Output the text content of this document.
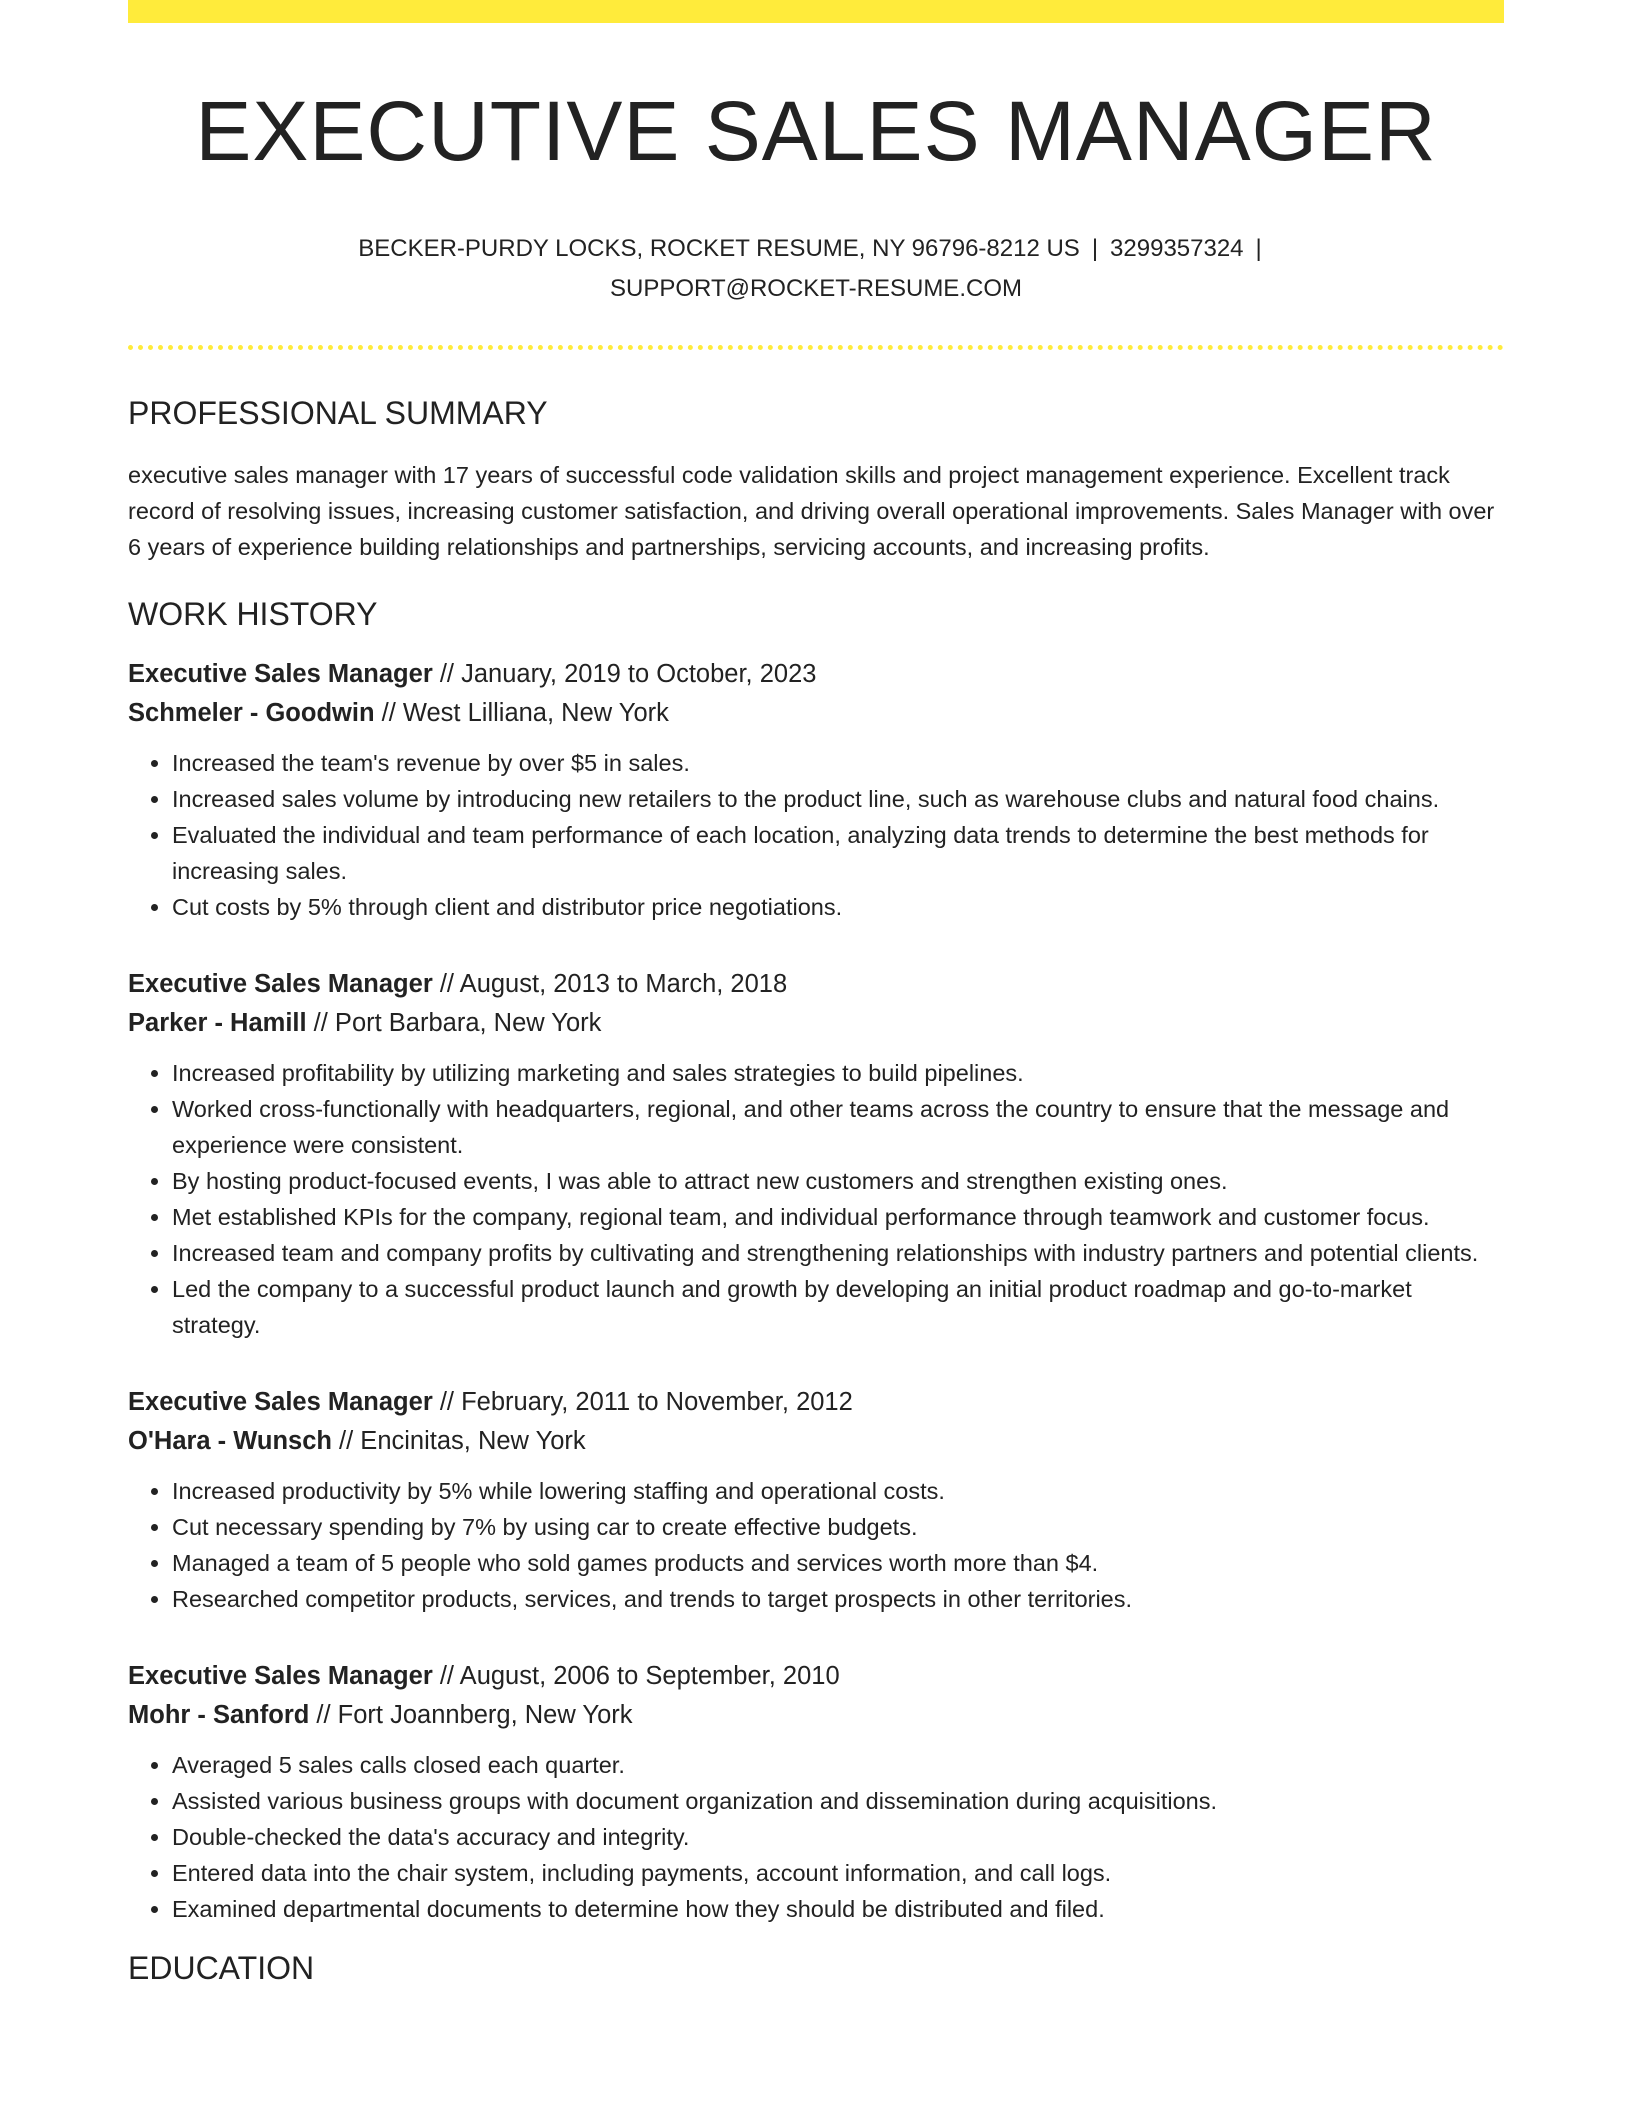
EXECUTIVE SALES MANAGER
BECKER-PURDY LOCKS, ROCKET RESUME, NY 96796-8212 US | 3299357324 |
SUPPORT@ROCKET-RESUME.COM
PROFESSIONAL SUMMARY

executive sales manager with 17 years of successful code validation skills and project management experience. Excellent track record of resolving issues, increasing customer satisfaction, and driving overall operational improvements. Sales Manager with over 6 years of experience building relationships and partnerships, servicing accounts, and increasing profits.

WORK HISTORY
Executive Sales Manager // January, 2019 to October, 2023
Schmeler - Goodwin // West Lilliana, New York
• Increased the team's revenue by over $5 in sales.
• Increased sales volume by introducing new retailers to the product line, such as warehouse clubs and natural food chains.
• Evaluated the individual and team performance of each location, analyzing data trends to determine the best methods for increasing sales.
• Cut costs by 5% through client and distributor price negotiations.
Executive Sales Manager // August, 2013 to March, 2018
Parker - Hamill // Port Barbara, New York
• Increased profitability by utilizing marketing and sales strategies to build pipelines.
• Worked cross-functionally with headquarters, regional, and other teams across the country to ensure that the message and experience were consistent.
• By hosting product-focused events, I was able to attract new customers and strengthen existing ones.
• Met established KPIs for the company, regional team, and individual performance through teamwork and customer focus.
• Increased team and company profits by cultivating and strengthening relationships with industry partners and potential clients.
• Led the company to a successful product launch and growth by developing an initial product roadmap and go-to-market strategy.
Executive Sales Manager // February, 2011 to November, 2012
O'Hara - Wunsch // Encinitas, New York
• Increased productivity by 5% while lowering staffing and operational costs.
• Cut necessary spending by 7% by using car to create effective budgets.
• Managed a team of 5 people who sold games products and services worth more than $4.
• Researched competitor products, services, and trends to target prospects in other territories.
Executive Sales Manager // August, 2006 to September, 2010
Mohr - Sanford // Fort Joannberg, New York
• Averaged 5 sales calls closed each quarter.
• Assisted various business groups with document organization and dissemination during acquisitions.
• Double-checked the data's accuracy and integrity.
• Entered data into the chair system, including payments, account information, and call logs.
• Examined departmental documents to determine how they should be distributed and filed.
EDUCATION
